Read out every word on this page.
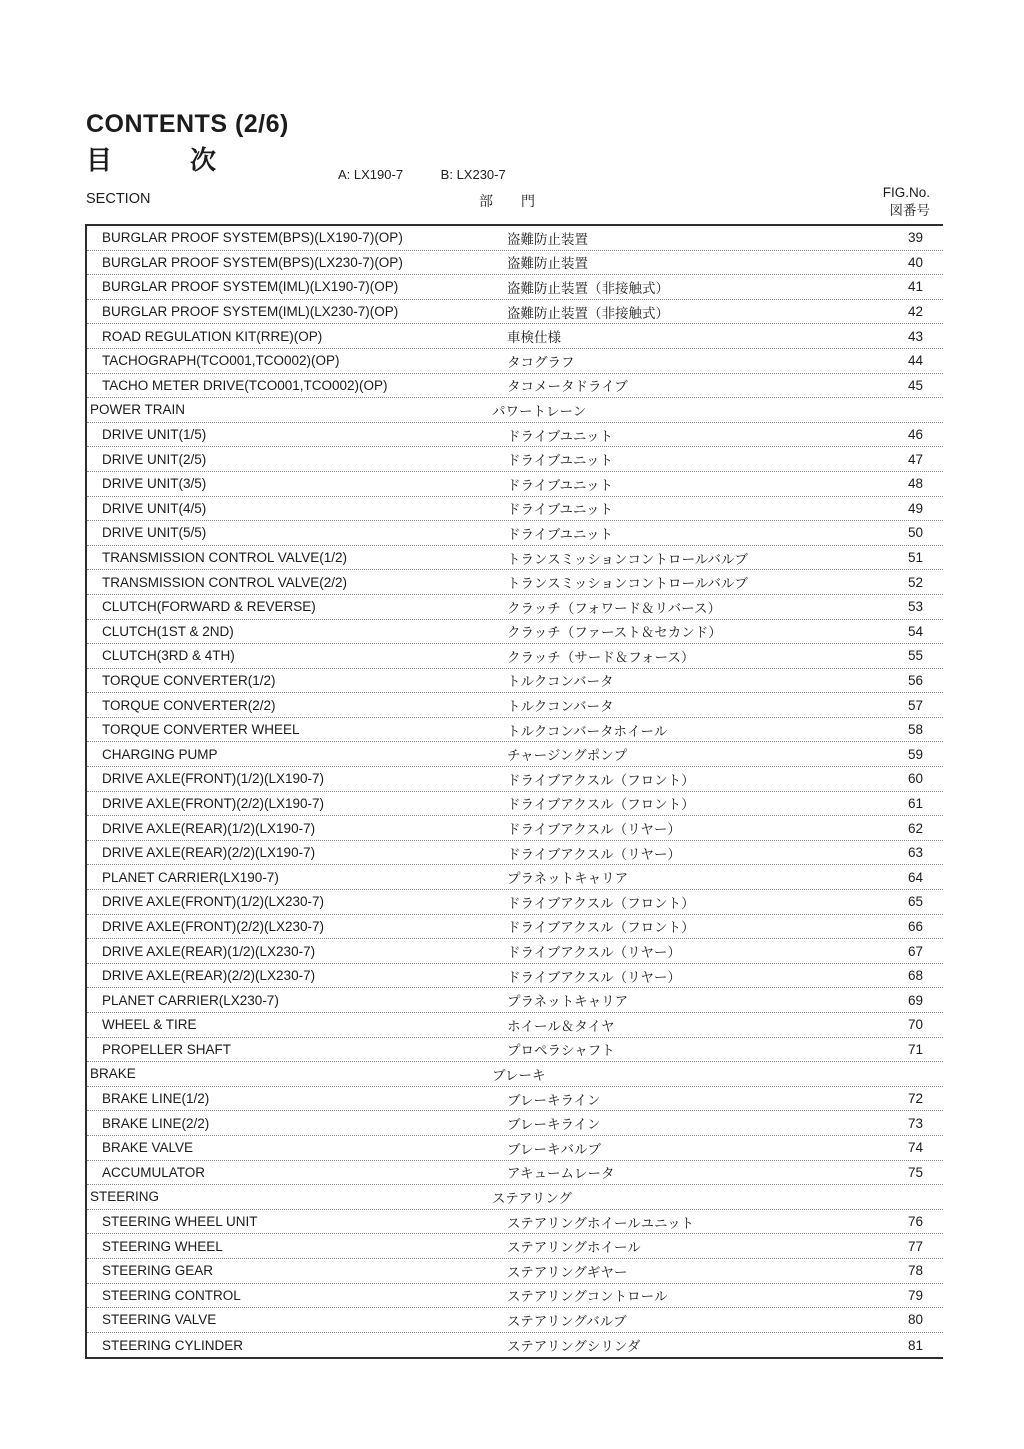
CONTENTS (2/6)
目　　　次	A: LX190-7	B: LX230-7
SECTION	部　　門
FIG.No.
図番号
BURGLAR PROOF SYSTEM(BPS)(LX190-7)(OP)	盗難防止装置	39
BURGLAR PROOF SYSTEM(BPS)(LX230-7)(OP)	盗難防止装置	40
BURGLAR PROOF SYSTEM(IML)(LX190-7)(OP)	盗難防止装置（非接触式）	41
BURGLAR PROOF SYSTEM(IML)(LX230-7)(OP)	盗難防止装置（非接触式）	42
ROAD REGULATION KIT(RRE)(OP)	車検仕様	43
TACHOGRAPH(TCO001,TCO002)(OP)	タコグラフ	44
TACHO METER DRIVE(TCO001,TCO002)(OP)	タコメータドライブ	45
POWER TRAIN	パワートレーン
DRIVE UNIT(1/5)	ドライブユニット	46
DRIVE UNIT(2/5)	ドライブユニット	47
DRIVE UNIT(3/5)	ドライブユニット	48
DRIVE UNIT(4/5)	ドライブユニット	49
DRIVE UNIT(5/5)	ドライブユニット	50
TRANSMISSION CONTROL VALVE(1/2)	トランスミッションコントロールバルブ	51
TRANSMISSION CONTROL VALVE(2/2)	トランスミッションコントロールバルブ	52
CLUTCH(FORWARD & REVERSE)	クラッチ（フォワード＆リバース）	53
CLUTCH(1ST & 2ND)	クラッチ（ファースト＆セカンド）	54
CLUTCH(3RD & 4TH)	クラッチ（サード＆フォース）	55
TORQUE CONVERTER(1/2)	トルクコンバータ	56
TORQUE CONVERTER(2/2)	トルクコンバータ	57
TORQUE CONVERTER WHEEL	トルクコンバータホイール	58
CHARGING PUMP	チャージングポンプ	59
DRIVE AXLE(FRONT)(1/2)(LX190-7)	ドライブアクスル（フロント）	60
DRIVE AXLE(FRONT)(2/2)(LX190-7)	ドライブアクスル（フロント）	61
DRIVE AXLE(REAR)(1/2)(LX190-7)	ドライブアクスル（リヤー）	62
DRIVE AXLE(REAR)(2/2)(LX190-7)	ドライブアクスル（リヤー）	63
PLANET CARRIER(LX190-7)	プラネットキャリア	64
DRIVE AXLE(FRONT)(1/2)(LX230-7)	ドライブアクスル（フロント）	65
DRIVE AXLE(FRONT)(2/2)(LX230-7)	ドライブアクスル（フロント）	66
DRIVE AXLE(REAR)(1/2)(LX230-7)	ドライブアクスル（リヤー）	67
DRIVE AXLE(REAR)(2/2)(LX230-7)	ドライブアクスル（リヤー）	68
PLANET CARRIER(LX230-7)	プラネットキャリア	69
WHEEL & TIRE	ホイール＆タイヤ	70
PROPELLER SHAFT	プロペラシャフト	71
BRAKE	ブレーキ
BRAKE LINE(1/2)	ブレーキライン	72
BRAKE LINE(2/2)	ブレーキライン	73
BRAKE VALVE	ブレーキバルブ	74
ACCUMULATOR	アキュームレータ	75
STEERING	ステアリング
STEERING WHEEL UNIT	ステアリングホイールユニット	76
STEERING WHEEL	ステアリングホイール	77
STEERING GEAR	ステアリングギヤー	78
STEERING CONTROL	ステアリングコントロール	79
STEERING VALVE	ステアリングバルブ	80
STEERING CYLINDER	ステアリングシリンダ	81
